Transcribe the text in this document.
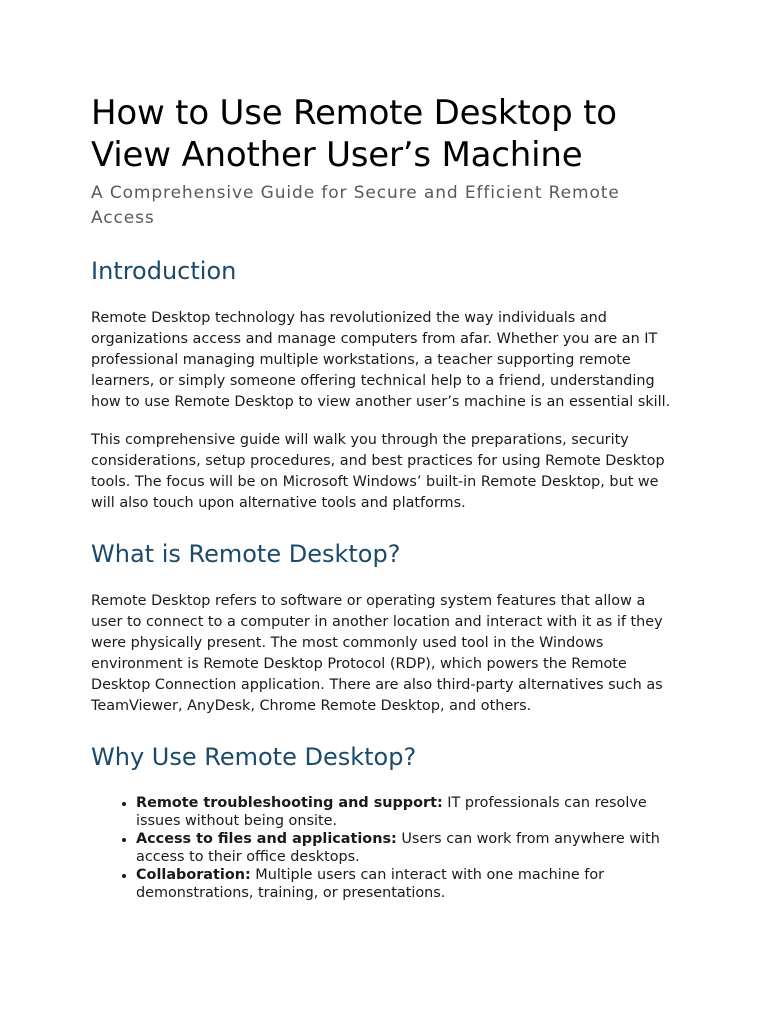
How to Use Remote Desktop to View Another User’s Machine
A Comprehensive Guide for Secure and Efficient Remote Access
Introduction

Remote Desktop technology has revolutionized the way individuals and organizations access and manage computers from afar. Whether you are an IT professional managing multiple workstations, a teacher supporting remote learners, or simply someone offering technical help to a friend, understanding how to use Remote Desktop to view another user’s machine is an essential skill.

This comprehensive guide will walk you through the preparations, security considerations, setup procedures, and best practices for using Remote Desktop tools. The focus will be on Microsoft Windows’ built-in Remote Desktop, but we will also touch upon alternative tools and platforms.

What is Remote Desktop?

Remote Desktop refers to software or operating system features that allow a user to connect to a computer in another location and interact with it as if they were physically present. The most commonly used tool in the Windows environment is Remote Desktop Protocol (RDP), which powers the Remote Desktop Connection application. There are also third-party alternatives such as TeamViewer, AnyDesk, Chrome Remote Desktop, and others.

Why Use Remote Desktop?
• Remote troubleshooting and support: IT professionals can resolve issues without being onsite.
• Access to files and applications: Users can work from anywhere with access to their office desktops.
• Collaboration: Multiple users can interact with one machine for demonstrations, training, or presentations.
